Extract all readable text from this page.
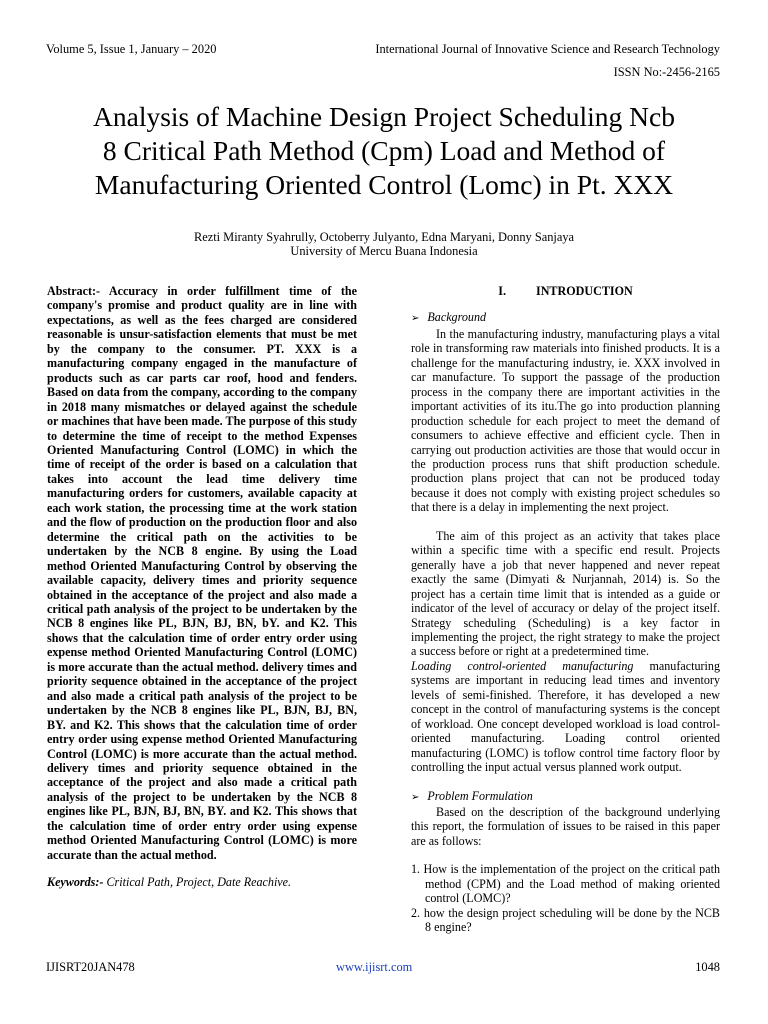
Volume 5, Issue 1, January – 2020	International Journal of Innovative Science and Research Technology
ISSN No:-2456-2165
Analysis of Machine Design Project Scheduling Ncb
8 Critical Path Method (Cpm) Load and Method of
Manufacturing Oriented Control (Lomc) in Pt. XXX
Rezti Miranty Syahrully, Octoberry Julyanto, Edna Maryani, Donny Sanjaya
University of Mercu Buana Indonesia

Abstract:- Accuracy in order fulfillment time of the company's promise and product quality are in line with expectations, as well as the fees charged are considered reasonable is unsur-satisfaction elements that must be met by the company to the consumer. PT. XXX is a manufacturing company engaged in the manufacture of products such as car parts car roof, hood and fenders. Based on data from the company, according to the company in 2018 many mismatches or delayed against the schedule or machines that have been made. The purpose of this study to determine the time of receipt to the method Expenses Oriented Manufacturing Control (LOMC) in which the time of receipt of the order is based on a calculation that takes into account the lead time delivery time manufacturing orders for customers, available capacity at each work station, the processing time at the work station and the flow of production on the production floor and also determine the critical path on the activities to be undertaken by the NCB 8 engine. By using the Load method Oriented Manufacturing Control by observing the available capacity, delivery times and priority sequence obtained in the acceptance of the project and also made a critical path analysis of the project to be undertaken by the NCB 8 engines like PL, BJN, BJ, BN, bY. and K2. This shows that the calculation time of order entry order using expense method Oriented Manufacturing Control (LOMC) is more accurate than the actual method. delivery times and priority sequence obtained in the acceptance of the project and also made a critical path analysis of the project to be undertaken by the NCB 8 engines like PL, BJN, BJ, BN, BY. and K2. This shows that the calculation time of order entry order using expense method Oriented Manufacturing Control (LOMC) is more accurate than the actual method. delivery times and priority sequence obtained in the acceptance of the project and also made a critical path analysis of the project to be undertaken by the NCB 8 engines like PL, BJN, BJ, BN, BY. and K2. This shows that the calculation time of order entry order using expense method Oriented Manufacturing Control (LOMC) is more accurate than the actual method.

Keywords:- Critical Path, Project, Date Reachive.

I. INTRODUCTION

➢ Background

In the manufacturing industry, manufacturing plays a vital role in transforming raw materials into finished products. It is a challenge for the manufacturing industry, ie. XXX involved in car manufacture. To support the passage of the production process in the company there are important activities in the important activities of its itu.The go into production planning production schedule for each project to meet the demand of consumers to achieve effective and efficient cycle. Then in carrying out production activities are those that would occur in the production process runs that shift production schedule. production plans project that can not be produced today because it does not comply with existing project schedules so that there is a delay in implementing the next project.

The aim of this project as an activity that takes place within a specific time with a specific end result. Projects generally have a job that never happened and never repeat exactly the same (Dimyati & Nurjannah, 2014) is. So the project has a certain time limit that is intended as a guide or indicator of the level of accuracy or delay of the project itself. Strategy scheduling (Scheduling) is a key factor in implementing the project, the right strategy to make the project a success before or right at a predetermined time.

Loading control-oriented manufacturing manufacturing systems are important in reducing lead times and inventory levels of semi-finished. Therefore, it has developed a new concept in the control of manufacturing systems is the concept of workload. One concept developed workload is load control-oriented manufacturing. Loading control oriented manufacturing (LOMC) is toflow control time factory floor by controlling the input actual versus planned work output.

➢ Problem Formulation

Based on the description of the background underlying this report, the formulation of issues to be raised in this paper are as follows:

1. How is the implementation of the project on the critical path method (CPM) and the Load method of making oriented control (LOMC)?

2. how the design project scheduling will be done by the NCB 8 engine?

IJISRT20JAN478	www.ijisrt.com	1048
